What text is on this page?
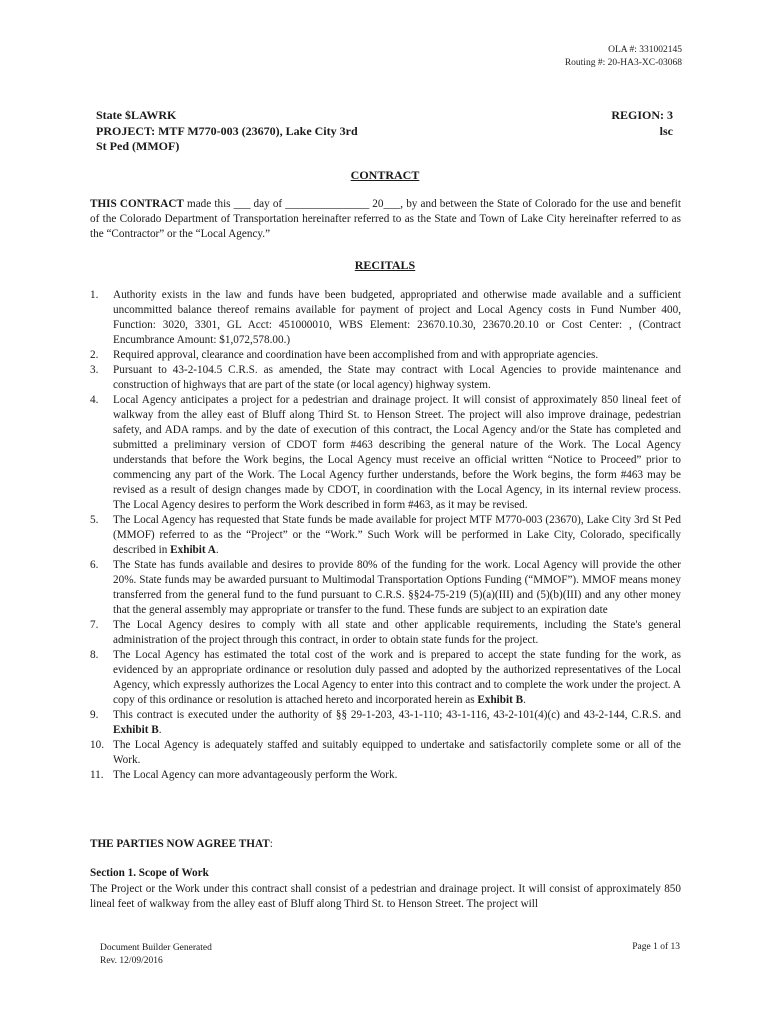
OLA #: 331002145
Routing #: 20-HA3-XC-03068
State $LAWRK
PROJECT: MTF M770-003 (23670), Lake City 3rd
St Ped (MMOF)
REGION: 3
lsc
CONTRACT
THIS CONTRACT made this ___ day of _______________ 20___, by and between the State of Colorado for the use and benefit of the Colorado Department of Transportation hereinafter referred to as the State and Town of Lake City hereinafter referred to as the “Contractor” or the “Local Agency.”
RECITALS
1. Authority exists in the law and funds have been budgeted, appropriated and otherwise made available and a sufficient uncommitted balance thereof remains available for payment of project and Local Agency costs in Fund Number 400, Function: 3020, 3301, GL Acct: 451000010, WBS Element: 23670.10.30, 23670.20.10 or Cost Center: , (Contract Encumbrance Amount: $1,072,578.00.)
2. Required approval, clearance and coordination have been accomplished from and with appropriate agencies.
3. Pursuant to 43-2-104.5 C.R.S. as amended, the State may contract with Local Agencies to provide maintenance and construction of highways that are part of the state (or local agency) highway system.
4. Local Agency anticipates a project for a pedestrian and drainage project. It will consist of approximately 850 lineal feet of walkway from the alley east of Bluff along Third St. to Henson Street. The project will also improve drainage, pedestrian safety, and ADA ramps. and by the date of execution of this contract, the Local Agency and/or the State has completed and submitted a preliminary version of CDOT form #463 describing the general nature of the Work. The Local Agency understands that before the Work begins, the Local Agency must receive an official written “Notice to Proceed” prior to commencing any part of the Work. The Local Agency further understands, before the Work begins, the form #463 may be revised as a result of design changes made by CDOT, in coordination with the Local Agency, in its internal review process. The Local Agency desires to perform the Work described in form #463, as it may be revised.
5. The Local Agency has requested that State funds be made available for project MTF M770-003 (23670), Lake City 3rd St Ped (MMOF) referred to as the “Project” or the “Work.” Such Work will be performed in Lake City, Colorado, specifically described in Exhibit A.
6. The State has funds available and desires to provide 80% of the funding for the work. Local Agency will provide the other 20%. State funds may be awarded pursuant to Multimodal Transportation Options Funding (“MMOF”). MMOF means money transferred from the general fund to the fund pursuant to C.R.S. §§24-75-219 (5)(a)(III) and (5)(b)(III) and any other money that the general assembly may appropriate or transfer to the fund. These funds are subject to an expiration date
7. The Local Agency desires to comply with all state and other applicable requirements, including the State's general administration of the project through this contract, in order to obtain state funds for the project.
8. The Local Agency has estimated the total cost of the work and is prepared to accept the state funding for the work, as evidenced by an appropriate ordinance or resolution duly passed and adopted by the authorized representatives of the Local Agency, which expressly authorizes the Local Agency to enter into this contract and to complete the work under the project. A copy of this ordinance or resolution is attached hereto and incorporated herein as Exhibit B.
9. This contract is executed under the authority of §§ 29-1-203, 43-1-110; 43-1-116, 43-2-101(4)(c) and 43-2-144, C.R.S. and Exhibit B.
10. The Local Agency is adequately staffed and suitably equipped to undertake and satisfactorily complete some or all of the Work.
11. The Local Agency can more advantageously perform the Work.
THE PARTIES NOW AGREE THAT:
Section 1. Scope of Work
The Project or the Work under this contract shall consist of a pedestrian and drainage project. It will consist of approximately 850 lineal feet of walkway from the alley east of Bluff along Third St. to Henson Street. The project will
Document Builder Generated
Rev. 12/09/2016
Page 1 of 13
